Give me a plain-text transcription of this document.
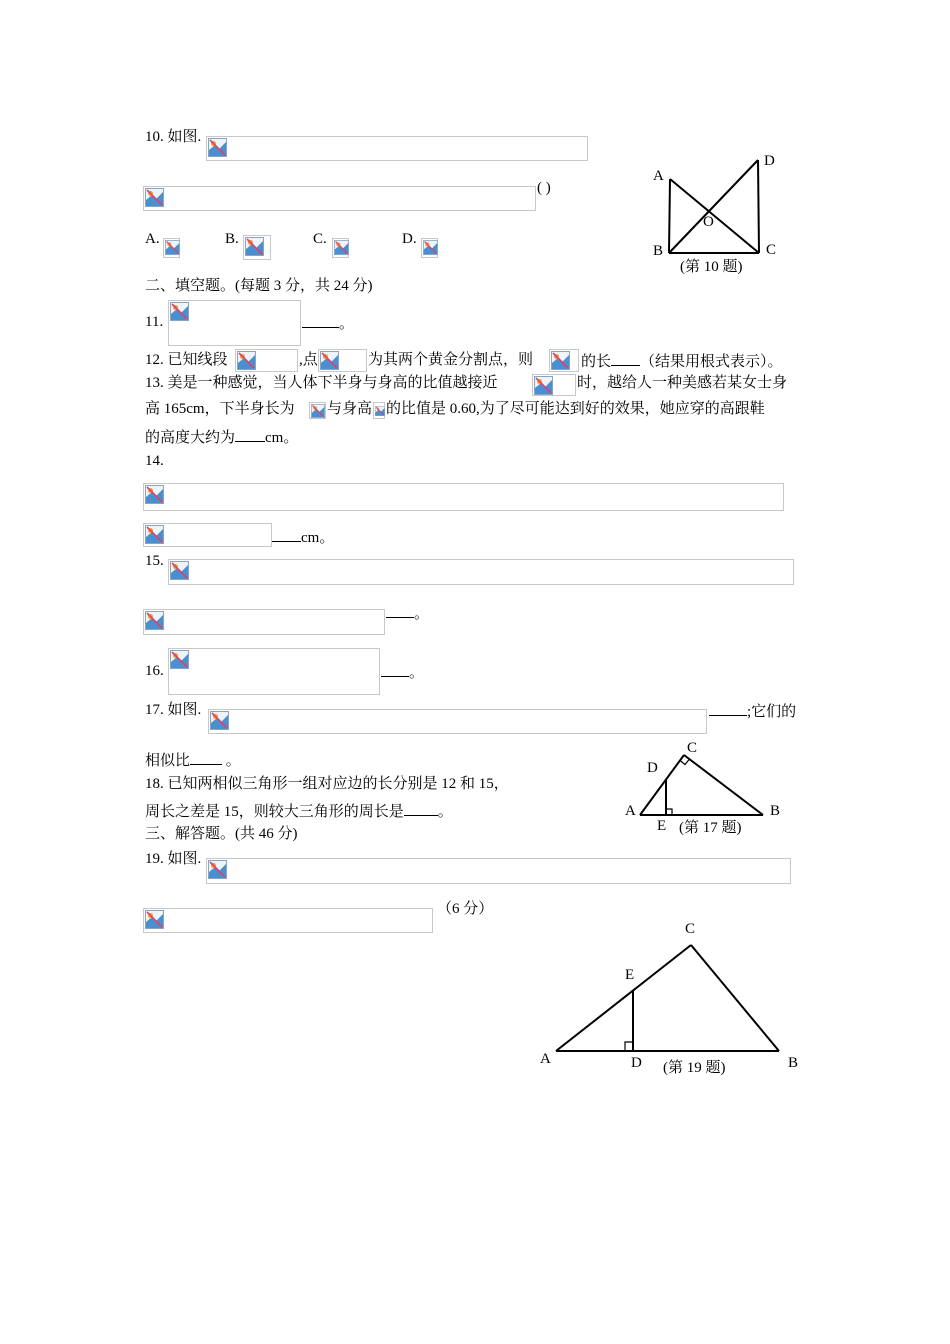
10. 如图.
( )
A.	B.	C.	D.
A
B	C
D
O
(第 10 题)
二、填空题。(每题 3 分，共 24 分)
11.	。
12. 已知线段	,点	为其两个黄金分割点，则	的长 （结果用根式表示）。
13. 美是一种感觉，当人体下半身与身高的比值越接近	时，越给人一种美感若某女士身
高 165cm，下半身长为 与身高 的比值是 0.60,为了尽可能达到好的效果，她应穿的高跟鞋
的高度大约为 cm。
14.
cm。
15.
。
16.	。
17. 如图.	;它们的
相似比 。
A	B
C
D
E (第 17 题)
18. 已知两相似三角形一组对应边的长分别是 12 和 15，
周长之差是 15，则较大三角形的周长是 。
三、解答题。(共 46 分)
19. 如图.
（6 分）
A	B
C
D
E
(第 19 题)
